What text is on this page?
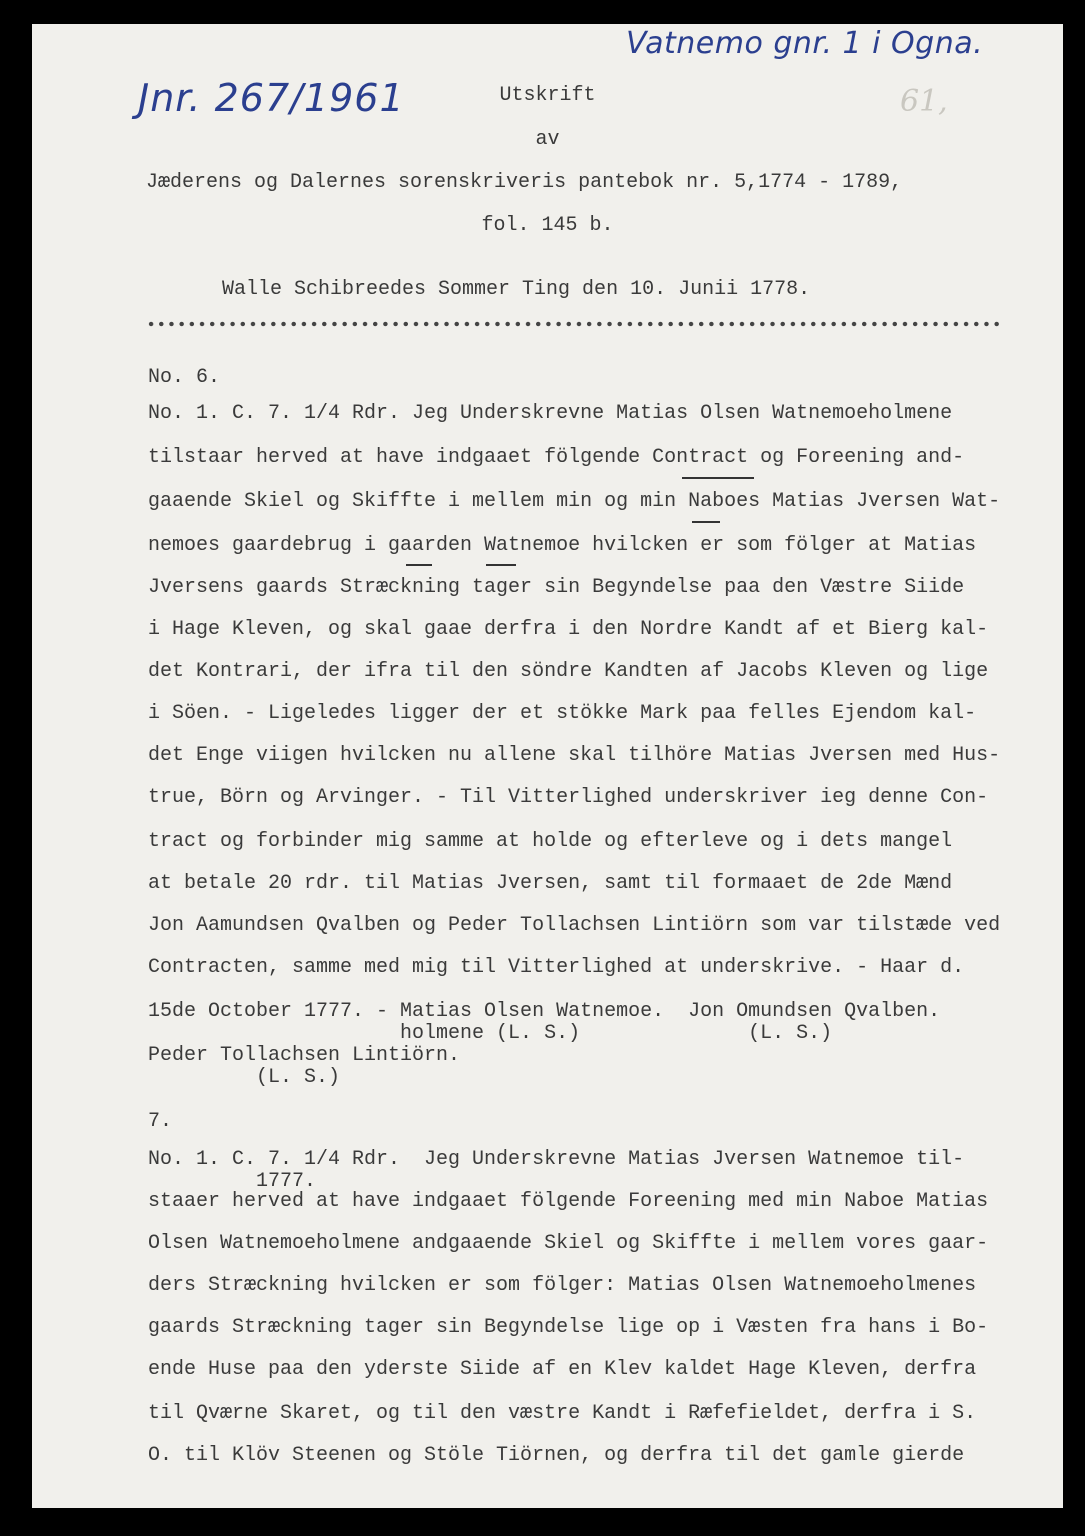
Vatnemo gnr. 1 i Ogna.
Jnr. 267/1961	61,
Utskrift
av
Jæderens og Dalernes sorenskriveris pantebok nr. 5,1774 - 1789,
fol. 145 b.
Walle Schibreedes Sommer Ting den 10. Junii 1778.
No. 6.
No. 1. C. 7. 1/4 Rdr. Jeg Underskrevne Matias Olsen Watnemoeholmene
tilstaar herved at have indgaaet fölgende Contract og Foreening and-
gaaende Skiel og Skiffte i mellem min og min Naboes Matias Jversen Wat-
nemoes gaardebrug i gaarden Watnemoe hvilcken er som fölger at Matias
Jversens gaards Stræckning tager sin Begyndelse paa den Væstre Siide
i Hage Kleven, og skal gaae derfra i den Nordre Kandt af et Bierg kal-
det Kontrari, der ifra til den söndre Kandten af Jacobs Kleven og lige
i Söen. - Ligeledes ligger der et stökke Mark paa felles Ejendom kal-
det Enge viigen hvilcken nu allene skal tilhöre Matias Jversen med Hus-
true, Börn og Arvinger. - Til Vitterlighed underskriver ieg denne Con-
tract og forbinder mig samme at holde og efterleve og i dets mangel
at betale 20 rdr. til Matias Jversen, samt til formaaet de 2de Mænd
Jon Aamundsen Qvalben og Peder Tollachsen Lintiörn som var tilstæde ved
Contracten, samme med mig til Vitterlighed at underskrive. - Haar d.
15de October 1777. - Matias Olsen Watnemoe.  Jon Omundsen Qvalben.
holmene (L. S.)              (L. S.)
Peder Tollachsen Lintiörn.
(L. S.)
7.
No. 1. C. 7. 1/4 Rdr.  Jeg Underskrevne Matias Jversen Watnemoe til-
1777.
staaer herved at have indgaaet fölgende Foreening med min Naboe Matias
Olsen Watnemoeholmene andgaaende Skiel og Skiffte i mellem vores gaar-
ders Stræckning hvilcken er som fölger: Matias Olsen Watnemoeholmenes
gaards Stræckning tager sin Begyndelse lige op i Væsten fra hans i Bo-
ende Huse paa den yderste Siide af en Klev kaldet Hage Kleven, derfra
til Qværne Skaret, og til den væstre Kandt i Ræfefieldet, derfra i S.
O. til Klöv Steenen og Stöle Tiörnen, og derfra til det gamle gierde
